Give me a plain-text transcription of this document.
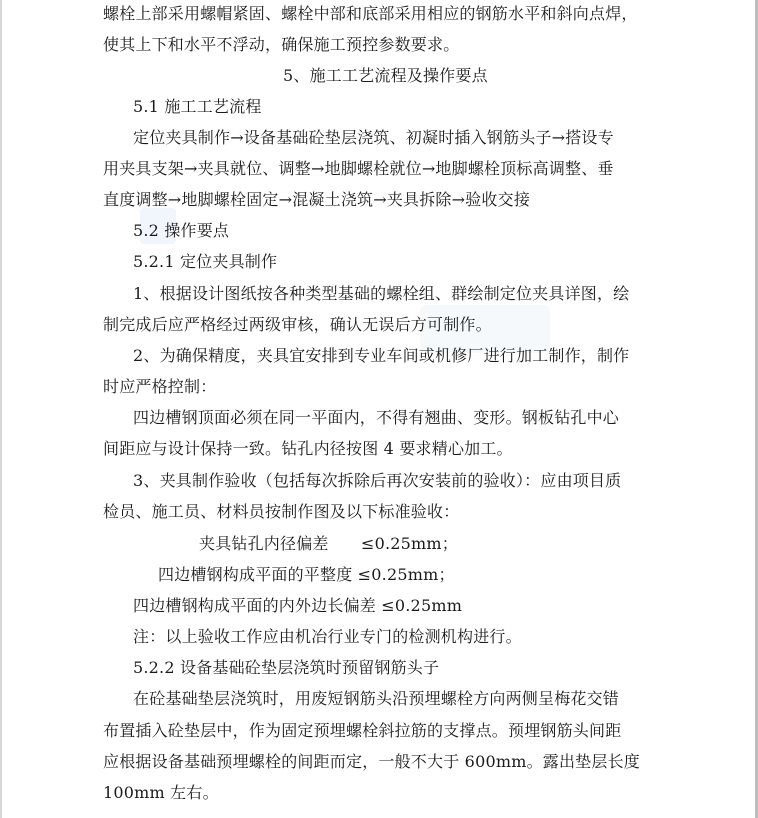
螺栓上部采用螺帽紧固、螺栓中部和底部采用相应的钢筋水平和斜向点焊，
使其上下和水平不浮动，确保施工预控参数要求。
5、施工工艺流程及操作要点
5.1 施工工艺流程
定位夹具制作→设备基础砼垫层浇筑、初凝时插入钢筋头子→搭设专
用夹具支架→夹具就位、调整→地脚螺栓就位→地脚螺栓顶标高调整、垂
直度调整→地脚螺栓固定→混凝土浇筑→夹具拆除→验收交接
5.2 操作要点
5.2.1 定位夹具制作
1、根据设计图纸按各种类型基础的螺栓组、群绘制定位夹具详图，绘
制完成后应严格经过两级审核，确认无误后方可制作。
2、为确保精度，夹具宜安排到专业车间或机修厂进行加工制作，制作
时应严格控制：
四边槽钢顶面必须在同一平面内，不得有翘曲、变形。钢板钻孔中心
间距应与设计保持一致。钻孔内径按图 4 要求精心加工。
3、夹具制作验收（包括每次拆除后再次安装前的验收）：应由项目质
检员、施工员、材料员按制作图及以下标准验收：
夹具钻孔内径偏差　　≤0.25mm；
四边槽钢构成平面的平整度 ≤0.25mm；
四边槽钢构成平面的内外边长偏差 ≤0.25mm
注：以上验收工作应由机冶行业专门的检测机构进行。
5.2.2 设备基础砼垫层浇筑时预留钢筋头子
在砼基础垫层浇筑时，用废短钢筋头沿预埋螺栓方向两侧呈梅花交错
布置插入砼垫层中，作为固定预埋螺栓斜拉筋的支撑点。预埋钢筋头间距
应根据设备基础预埋螺栓的间距而定，一般不大于 600mm。露出垫层长度
100mm 左右。
